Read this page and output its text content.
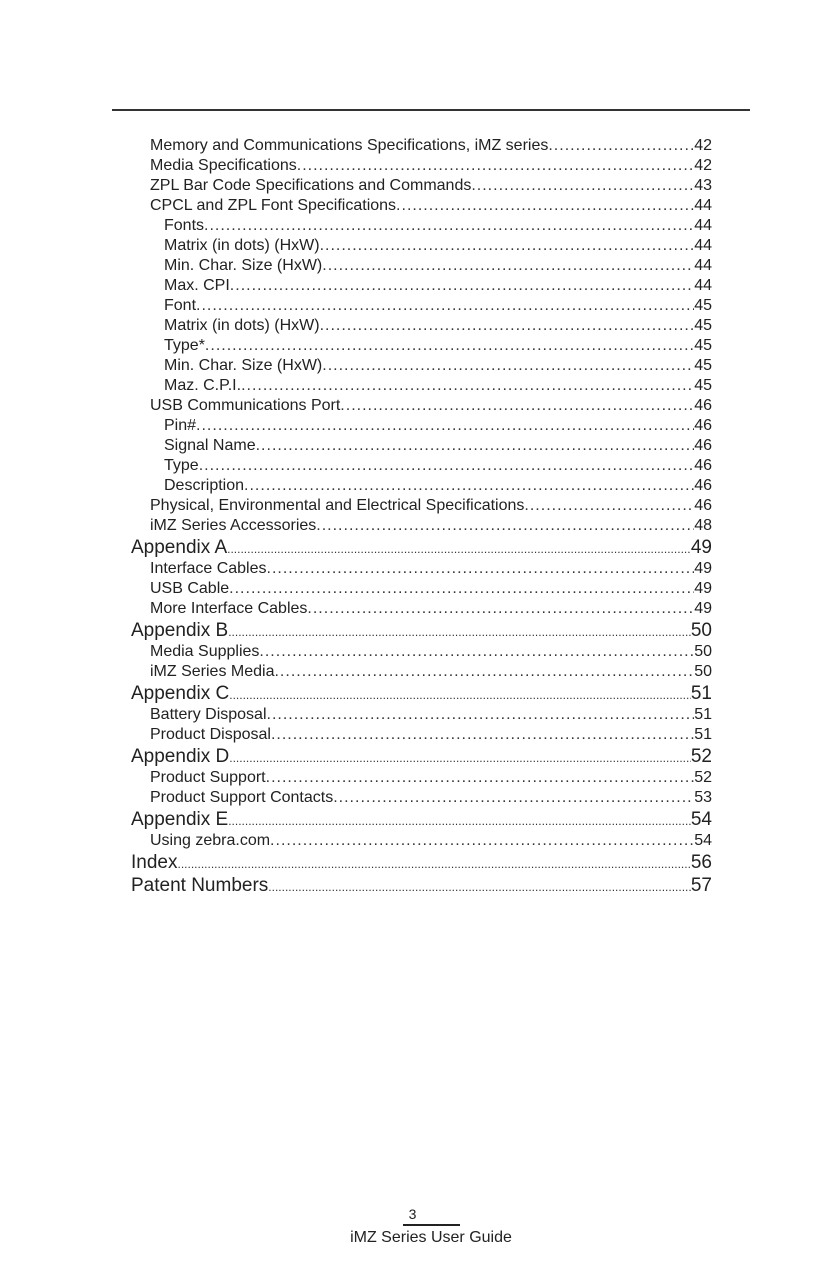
Memory and Communications Specifications, iMZ series .....	42
Media Specifications .....	42
ZPL Bar Code Specifications and Commands .....	43
CPCL and ZPL Font Specifications .....	44
Fonts .....	44
Matrix (in dots) (HxW) .....	44
Min. Char. Size (HxW) .....	44
Max. CPI .....	44
Font .....	45
Matrix (in dots) (HxW) .....	45
Type* .....	45
Min. Char. Size (HxW) .....	45
Maz. C.P.I. .....	45
USB Communications Port .....	46
Pin# .....	46
Signal Name .....	46
Type .....	46
Description .....	46
Physical, Environmental and Electrical Specifications .....	46
iMZ Series Accessories .....	48
Appendix A .....	49
Interface Cables .....	49
USB Cable .....	49
More Interface Cables .....	49
Appendix B .....	50
Media Supplies .....	50
iMZ Series Media .....	50
Appendix C .....	51
Battery Disposal .....	51
Product Disposal .....	51
Appendix D .....	52
Product Support .....	52
Product Support Contacts .....	53
Appendix E .....	54
Using zebra.com .....	54
Index .....	56
Patent Numbers .....	57
3
iMZ Series User Guide
